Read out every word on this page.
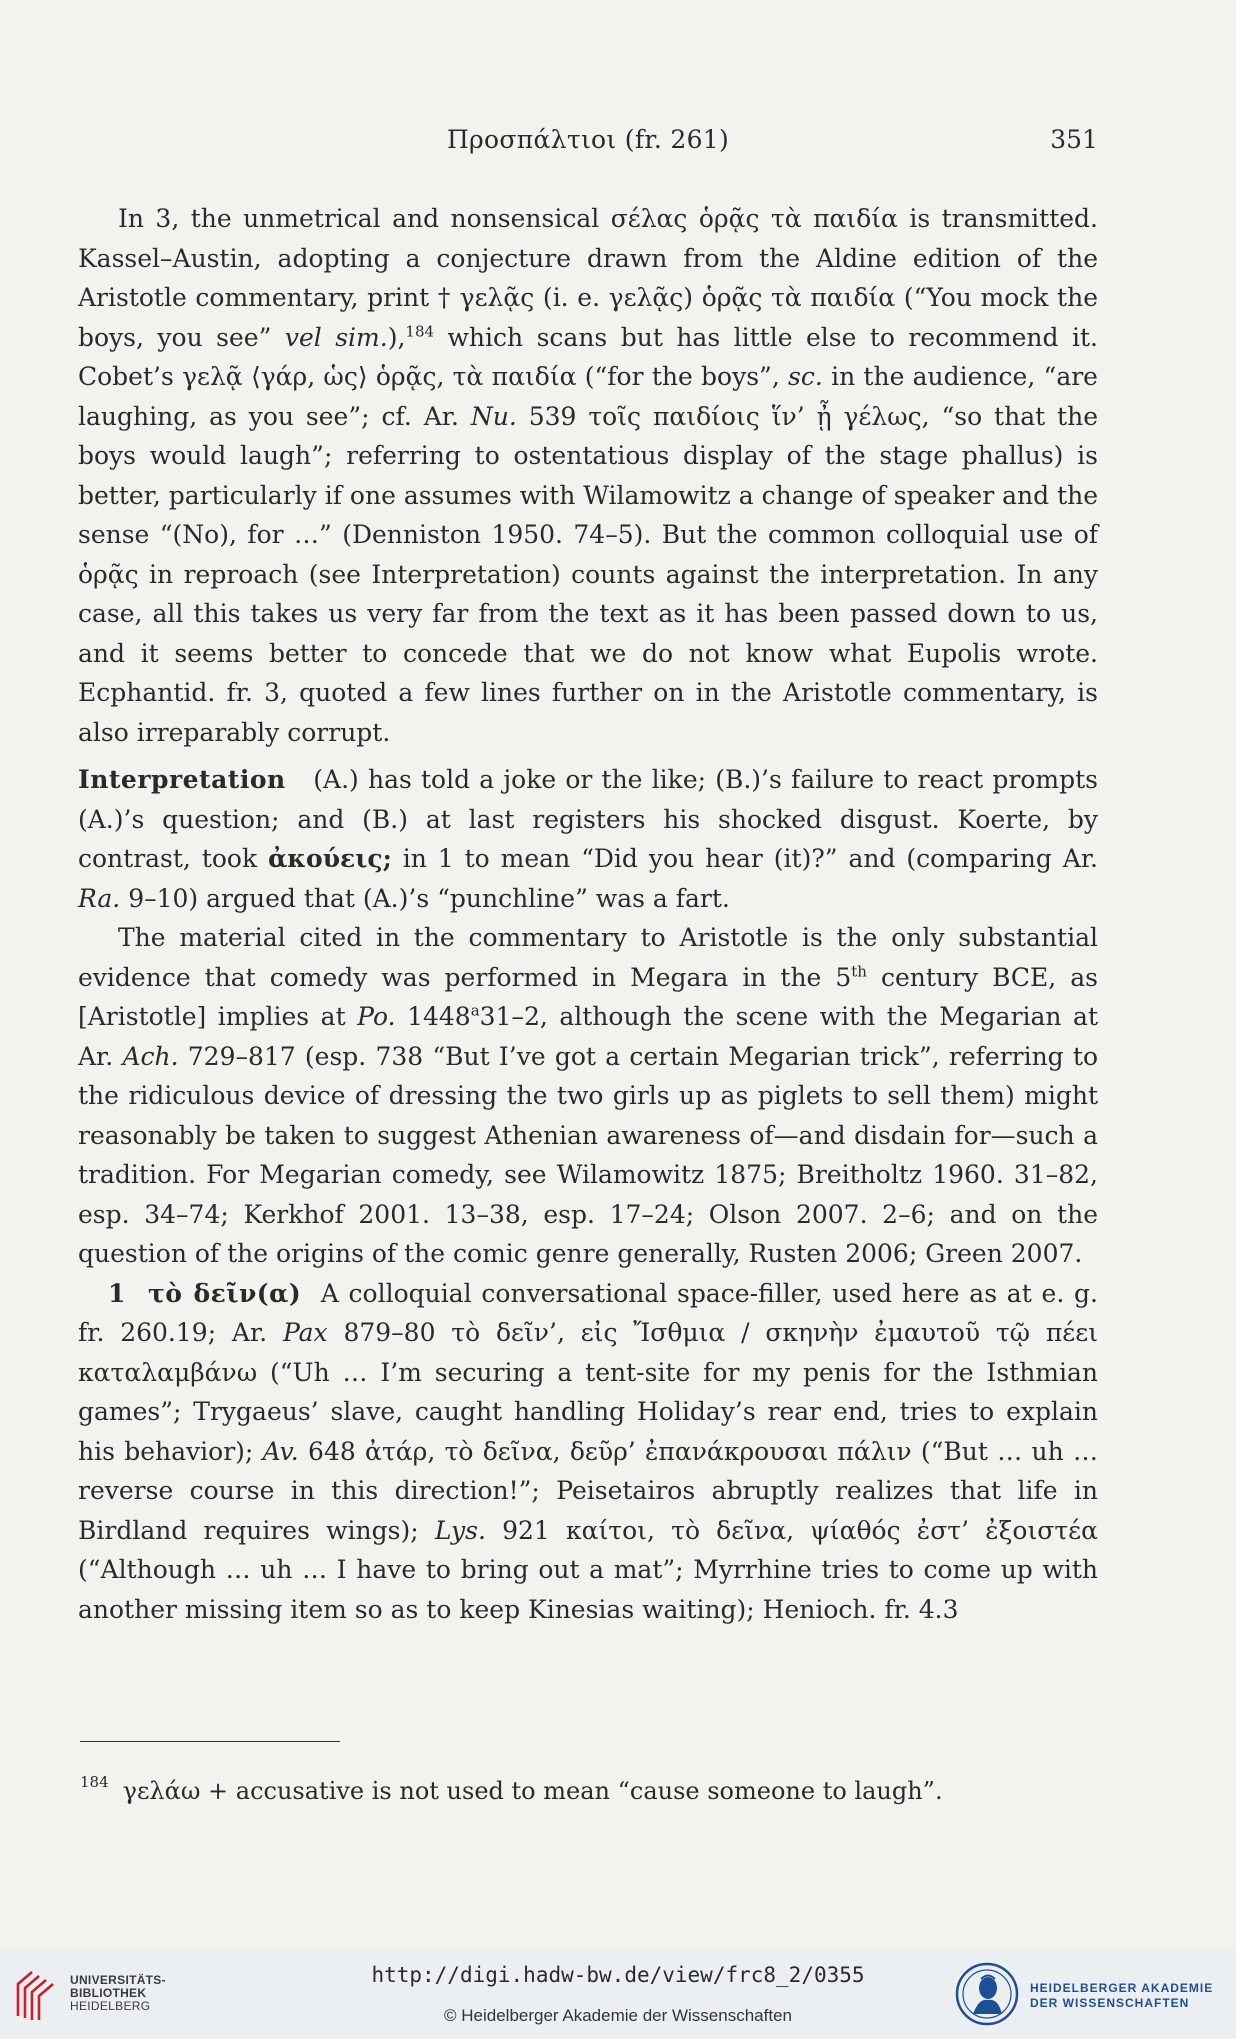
Προσπάλτιοι (fr. 261)	351

In 3, the unmetrical and nonsensical σέλας ὁρᾷς τὰ παιδία is transmitted. Kassel–Austin, adopting a conjecture drawn from the Aldine edition of the Aristotle commentary, print † γελᾷς (i. e. γελᾷς) ὁρᾷς τὰ παιδία (“You mock the boys, you see” vel sim.),$^{184}$ which scans but has little else to recommend it. Cobet’s γελᾷ ⟨γάρ, ὡς⟩ ὁρᾷς, τὰ παιδία (“for the boys”, sc. in the audience, “are laughing, as you see”; cf. Ar. Nu. 539 τοῖς παιδίοις ἵν’ ᾖ γέλως, “so that the boys would laugh”; referring to ostentatious display of the stage phallus) is better, particularly if one assumes with Wilamowitz a change of speaker and the sense “(No), for …” (Denniston 1950. 74–5). But the common colloquial use of ὁρᾷς in reproach (see Interpretation) counts against the interpretation. In any case, all this takes us very far from the text as it has been passed down to us, and it seems better to concede that we do not know what Eupolis wrote. Ecphantid. fr. 3, quoted a few lines further on in the Aristotle commentary, is also irreparably corrupt.

Interpretation   (A.) has told a joke or the like; (B.)’s failure to react prompts (A.)’s question; and (B.) at last registers his shocked disgust. Koerte, by contrast, took ἀκούεις; in 1 to mean “Did you hear (it)?” and (comparing Ar. Ra. 9–10) argued that (A.)’s “punchline” was a fart.

The material cited in the commentary to Aristotle is the only substantial evidence that comedy was performed in Megara in the 5th century BCE, as [Aristotle] implies at Po. 1448$^a$31–2, although the scene with the Megarian at Ar. Ach. 729–817 (esp. 738 “But I’ve got a certain Megarian trick”, referring to the ridiculous device of dressing the two girls up as piglets to sell them) might reasonably be taken to suggest Athenian awareness of—and disdain for—such a tradition. For Megarian comedy, see Wilamowitz 1875; Breitholtz 1960. 31–82, esp. 34–74; Kerkhof 2001. 13–38, esp. 17–24; Olson 2007. 2–6; and on the question of the origins of the comic genre generally, Rusten 2006; Green 2007.

1  τὸ δεῖν(α)  A colloquial conversational space-filler, used here as at e. g. fr. 260.19; Ar. Pax 879–80 τὸ δεῖν’, εἰς Ἴσθμια / σκηνὴν ἐμαυτοῦ τῷ πέει καταλαμβάνω (“Uh … I’m securing a tent-site for my penis for the Isthmian games”; Trygaeus’ slave, caught handling Holiday’s rear end, tries to explain his behavior); Av. 648 ἀτάρ, τὸ δεῖνα, δεῦρ’ ἐπανάκρουσαι πάλιν (“But … uh … reverse course in this direction!”; Peisetairos abruptly realizes that life in Birdland requires wings); Lys. 921 καίτοι, τὸ δεῖνα, ψίαθός ἐστ’ ἐξοιστέα (“Although … uh … I have to bring out a mat”; Myrrhine tries to come up with another missing item so as to keep Kinesias waiting); Henioch. fr. 4.3

$^{184}$ γελάω + accusative is not used to mean “cause someone to laugh”.
UNIVERSITÄTS-
BIBLIOTHEK
HEIDELBERG
http://digi.hadw-bw.de/view/frc8_2/0355
© Heidelberger Akademie der Wissenschaften
HEIDELBERGER AKADEMIE
DER WISSENSCHAFTEN
